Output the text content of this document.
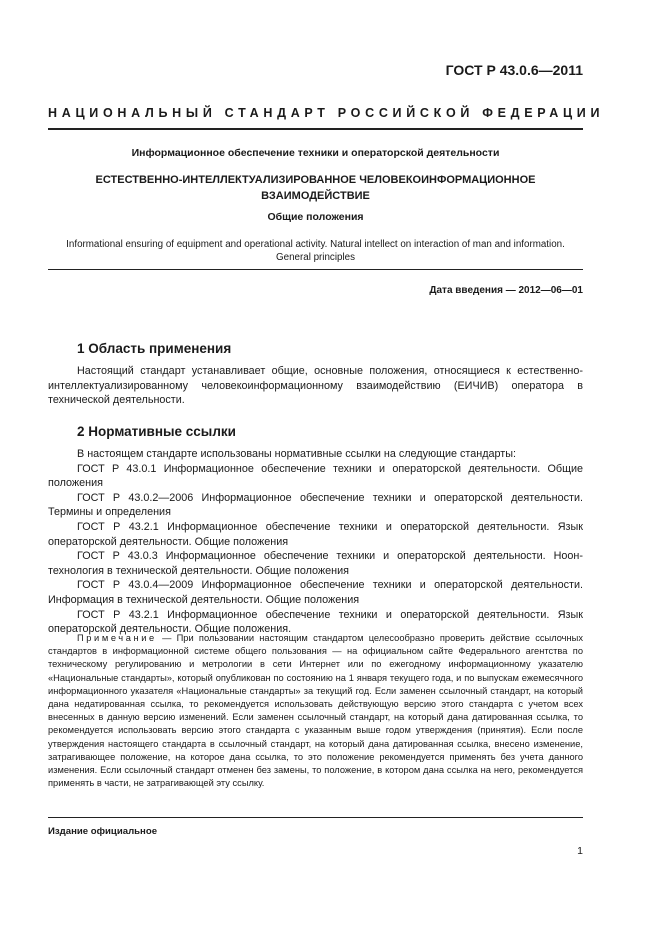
ГОСТ Р 43.0.6—2011
НАЦИОНАЛЬНЫЙ СТАНДАРТ РОССИЙСКОЙ ФЕДЕРАЦИИ
Информационное обеспечение техники и операторской деятельности
ЕСТЕСТВЕННО-ИНТЕЛЛЕКТУАЛИЗИРОВАННОЕ ЧЕЛОВЕКОИНФОРМАЦИОННОЕ
ВЗАИМОДЕЙСТВИЕ
Общие положения
Informational ensuring of equipment and operational activity. Natural intellect on interaction of man and information.
General principles
Дата введения — 2012—06—01
1 Область применения

Настоящий стандарт устанавливает общие, основные положения, относящиеся к естественно-интеллектуализированному человекоинформационному взаимодействию (ЕИЧИВ) оператора в технической деятельности.

2 Нормативные ссылки

В настоящем стандарте использованы нормативные ссылки на следующие стандарты:

ГОСТ Р 43.0.1 Информационное обеспечение техники и операторской деятельности. Общие положения

ГОСТ Р 43.0.2—2006 Информационное обеспечение техники и операторской деятельности. Термины и определения

ГОСТ Р 43.2.1 Информационное обеспечение техники и операторской деятельности. Язык операторской деятельности. Общие положения

ГОСТ Р 43.0.3 Информационное обеспечение техники и операторской деятельности. Ноон-технология в технической деятельности. Общие положения

ГОСТ Р 43.0.4—2009 Информационное обеспечение техники и операторской деятельности. Информация в технической деятельности. Общие положения

ГОСТ Р 43.2.1 Информационное обеспечение техники и операторской деятельности. Язык операторской деятельности. Общие положения.

Примечание — При пользовании настоящим стандартом целесообразно проверить действие ссылочных стандартов в информационной системе общего пользования — на официальном сайте Федерального агентства по техническому регулированию и метрологии в сети Интернет или по ежегодному информационному указателю «Национальные стандарты», который опубликован по состоянию на 1 января текущего года, и по выпускам ежемесячного информационного указателя «Национальные стандарты» за текущий год. Если заменен ссылочный стандарт, на который дана недатированная ссылка, то рекомендуется использовать действующую версию этого стандарта с учетом всех внесенных в данную версию изменений. Если заменен ссылочный стандарт, на который дана датированная ссылка, то рекомендуется использовать версию этого стандарта с указанным выше годом утверждения (принятия). Если после утверждения настоящего стандарта в ссылочный стандарт, на который дана датированная ссылка, внесено изменение, затрагивающее положение, на которое дана ссылка, то это положение рекомендуется применять без учета данного изменения. Если ссылочный стандарт отменен без замены, то положение, в котором дана ссылка на него, рекомендуется применять в части, не затрагивающей эту ссылку.
Издание официальное
1
